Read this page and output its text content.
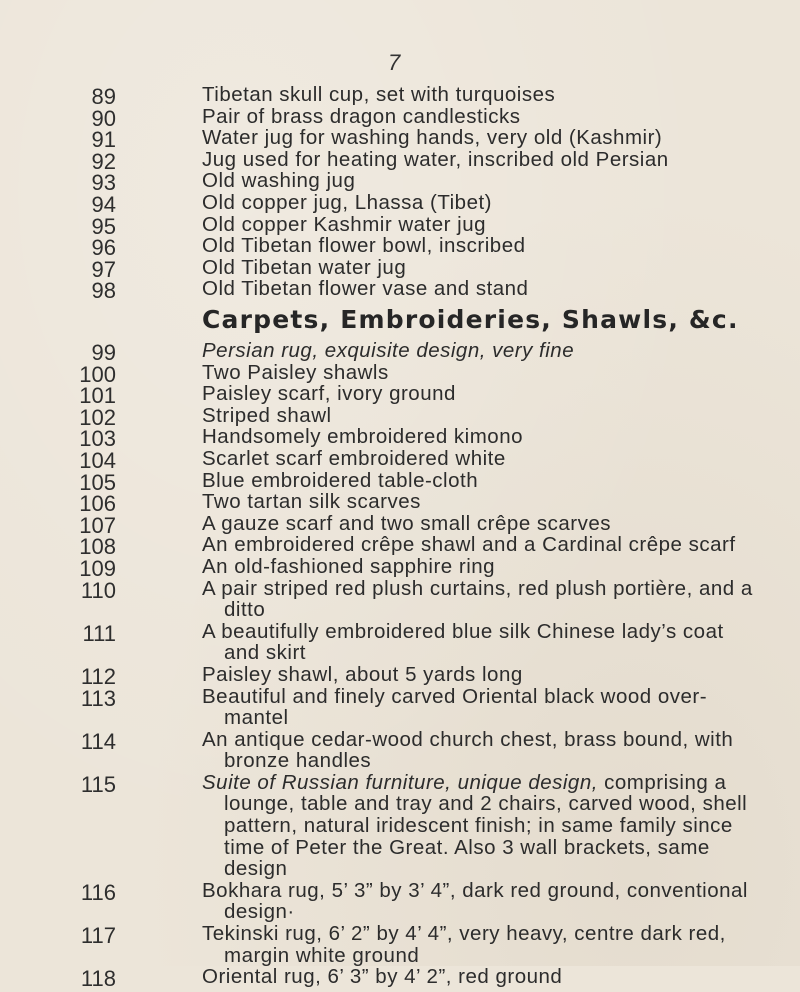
7
89	Tibetan skull cup, set with turquoises
90	Pair of brass dragon candlesticks
91	Water jug for washing hands, very old (Kashmir)
92	Jug used for heating water, inscribed old Persian
93	Old washing jug
94	Old copper jug, Lhassa (Tibet)
95	Old copper Kashmir water jug
96	Old Tibetan flower bowl, inscribed
97	Old Tibetan water jug
98	Old Tibetan flower vase and stand
Carpets, Embroideries, Shawls, &c.
99	Persian rug, exquisite design, very fine
100	Two Paisley shawls
101	Paisley scarf, ivory ground
102	Striped shawl
103	Handsomely embroidered kimono
104	Scarlet scarf embroidered white
105	Blue embroidered table-cloth
106	Two tartan silk scarves
107	A gauze scarf and two small crêpe scarves
108	An embroidered crêpe shawl and a Cardinal crêpe scarf
109	An old-fashioned sapphire ring
110	A pair striped red plush curtains, red plush portière, and a
ditto
111	A beautifully embroidered blue silk Chinese lady’s coat
and skirt
112	Paisley shawl, about 5 yards long
113	Beautiful and finely carved Oriental black wood over-
mantel
114	An antique cedar-wood church chest, brass bound, with
bronze handles
115	Suite of Russian furniture, unique design, comprising a
lounge, table and tray and 2 chairs, carved wood, shell
pattern, natural iridescent finish; in same family since
time of Peter the Great. Also 3 wall brackets, same
design
116	Bokhara rug, 5’ 3” by 3’ 4”, dark red ground, conventional
design·
117	Tekinski rug, 6’ 2” by 4’ 4”, very heavy, centre dark red,
margin white ground
118	Oriental rug, 6’ 3” by 4’ 2”, red ground
